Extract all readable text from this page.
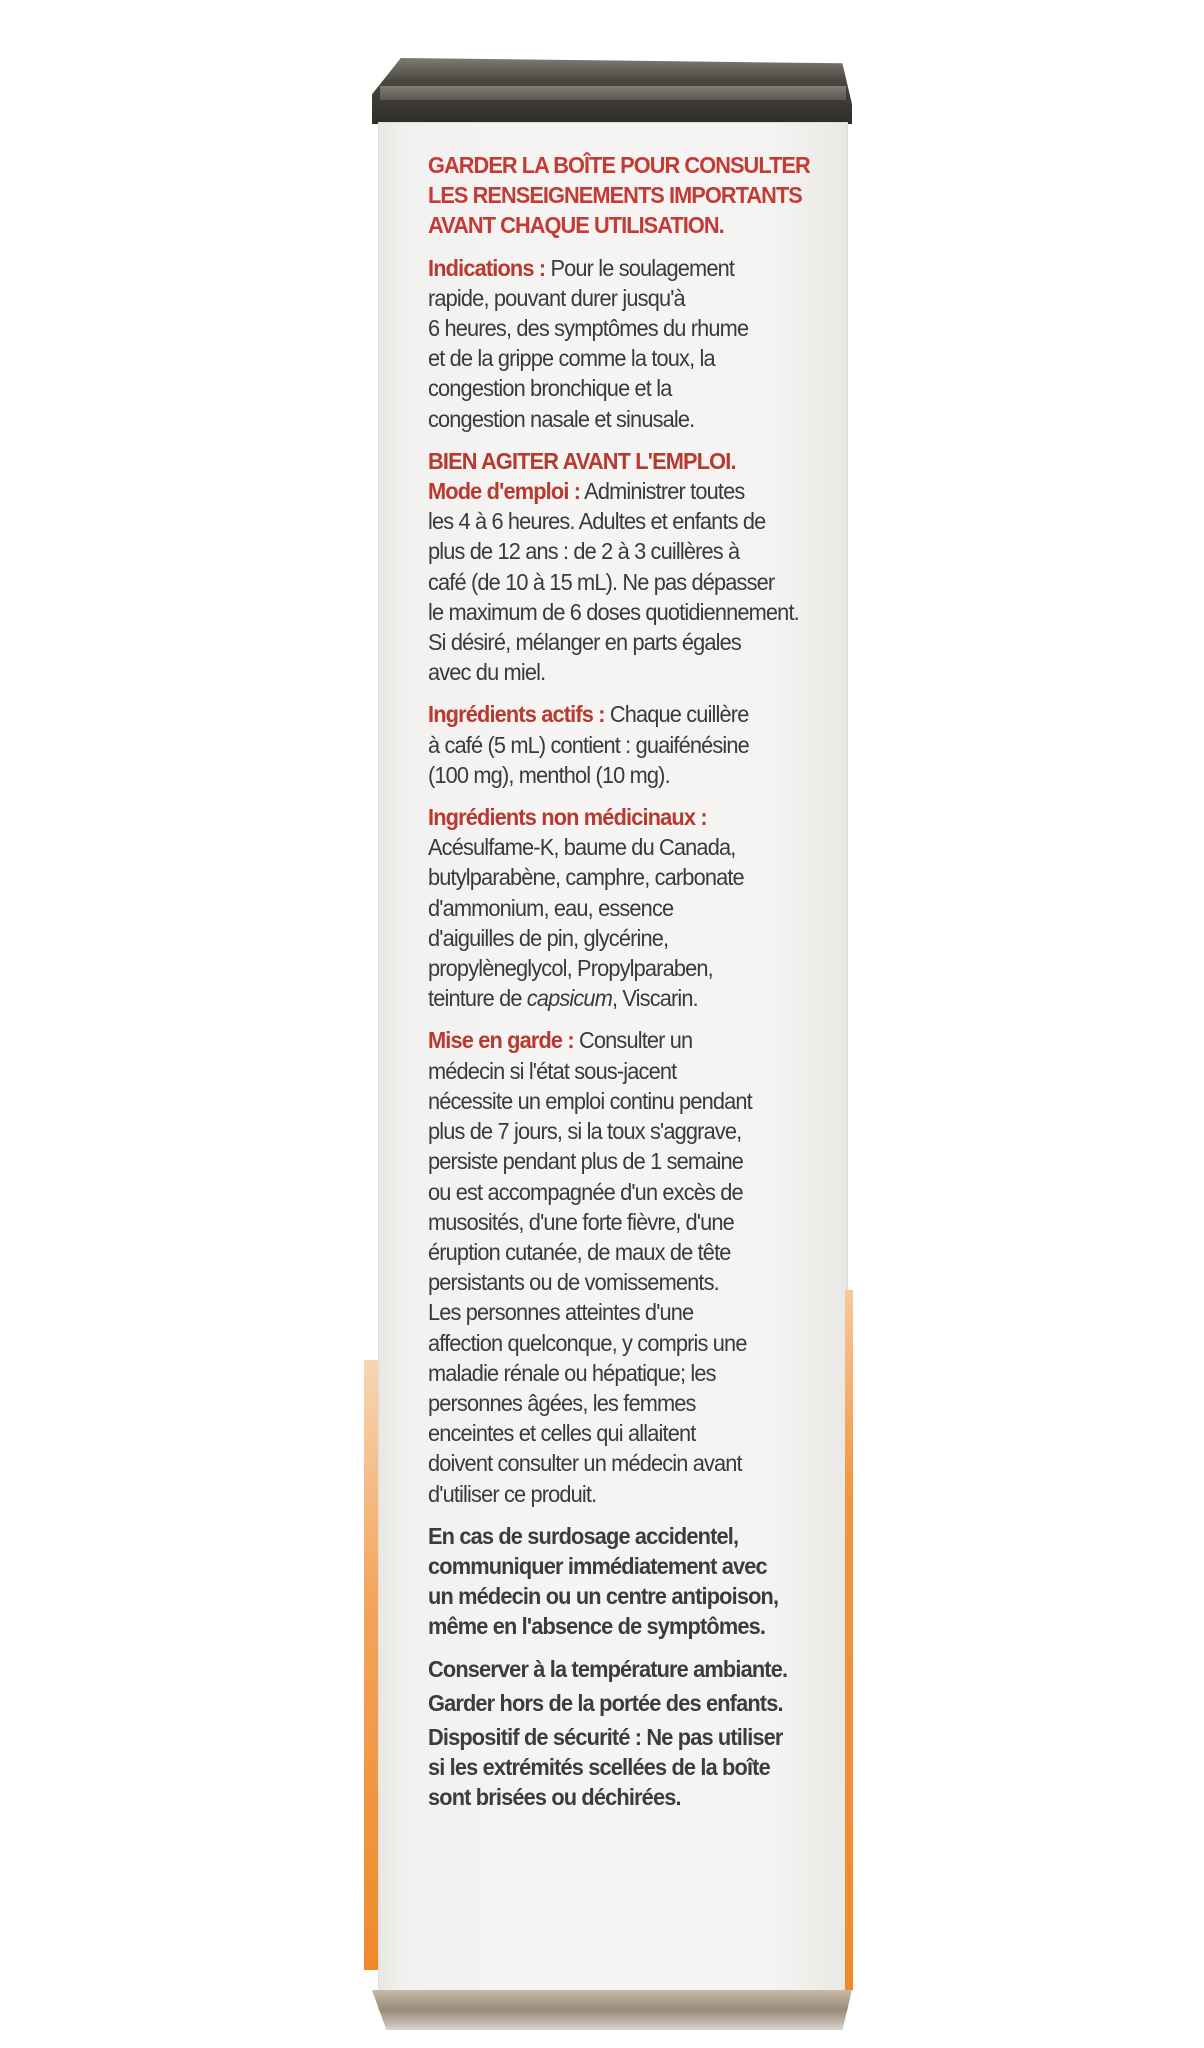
GARDER LA BOÎTE POUR CONSULTER
LES RENSEIGNEMENTS IMPORTANTS
AVANT CHAQUE UTILISATION.
Indications : Pour le soulagement
rapide, pouvant durer jusqu'à
6 heures, des symptômes du rhume
et de la grippe comme la toux, la
congestion bronchique et la
congestion nasale et sinusale.
BIEN AGITER AVANT L'EMPLOI.
Mode d'emploi : Administrer toutes
les 4 à 6 heures. Adultes et enfants de
plus de 12 ans : de 2 à 3 cuillères à
café (de 10 à 15 mL). Ne pas dépasser
le maximum de 6 doses quotidiennement.
Si désiré, mélanger en parts égales
avec du miel.
Ingrédients actifs : Chaque cuillère
à café (5 mL) contient : guaifénésine
(100 mg), menthol (10 mg).
Ingrédients non médicinaux :
Acésulfame-K, baume du Canada,
butylparabène, camphre, carbonate
d'ammonium, eau, essence
d'aiguilles de pin, glycérine,
propylèneglycol, Propylparaben,
teinture de capsicum, Viscarin.
Mise en garde : Consulter un
médecin si l'état sous-jacent
nécessite un emploi continu pendant
plus de 7 jours, si la toux s'aggrave,
persiste pendant plus de 1 semaine
ou est accompagnée d'un excès de
musosités, d'une forte fièvre, d'une
éruption cutanée, de maux de tête
persistants ou de vomissements.
Les personnes atteintes d'une
affection quelconque, y compris une
maladie rénale ou hépatique; les
personnes âgées, les femmes
enceintes et celles qui allaitent
doivent consulter un médecin avant
d'utiliser ce produit.
En cas de surdosage accidentel,
communiquer immédiatement avec
un médecin ou un centre antipoison,
même en l'absence de symptômes.
Conserver à la température ambiante.
Garder hors de la portée des enfants.
Dispositif de sécurité : Ne pas utiliser
si les extrémités scellées de la boîte
sont brisées ou déchirées.
